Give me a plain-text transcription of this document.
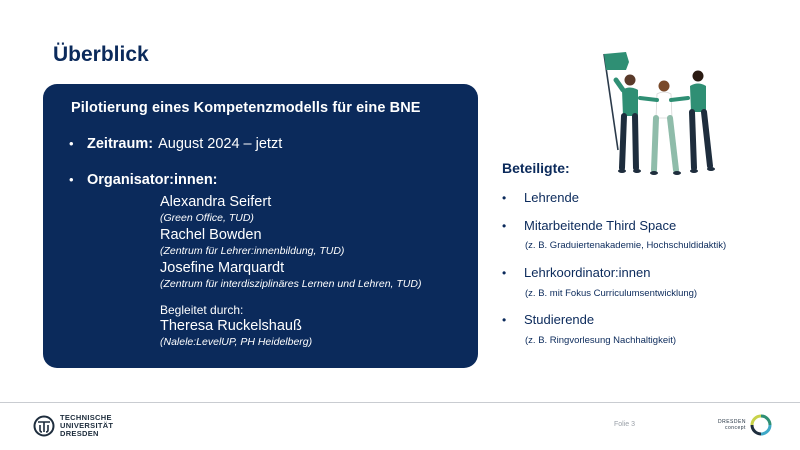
Überblick
Pilotierung eines Kompetenzmodells für eine BNE
• Zeitraum: August 2024 – jetzt
• Organisator:innen:
Alexandra Seifert
(Green Office, TUD)
Rachel Bowden
(Zentrum für Lehrer:innenbildung, TUD)
Josefine Marquardt
(Zentrum für interdisziplinäres Lernen und Lehren, TUD)
Begleitet durch:
Theresa Ruckelshauß
(Nalele:LevelUP, PH Heidelberg)
Beteiligte:
•	Lehrende
•	Mitarbeitende Third Space
(z. B. Graduiertenakademie, Hochschuldidaktik)
•	Lehrkoordinator:innen
(z. B. mit Fokus Curriculumsentwicklung)
•	Studierende
(z. B. Ringvorlesung Nachhaltigkeit)
TECHNISCHE
UNIVERSITÄT
DRESDEN
Folie 3	DRESDEN
concept
